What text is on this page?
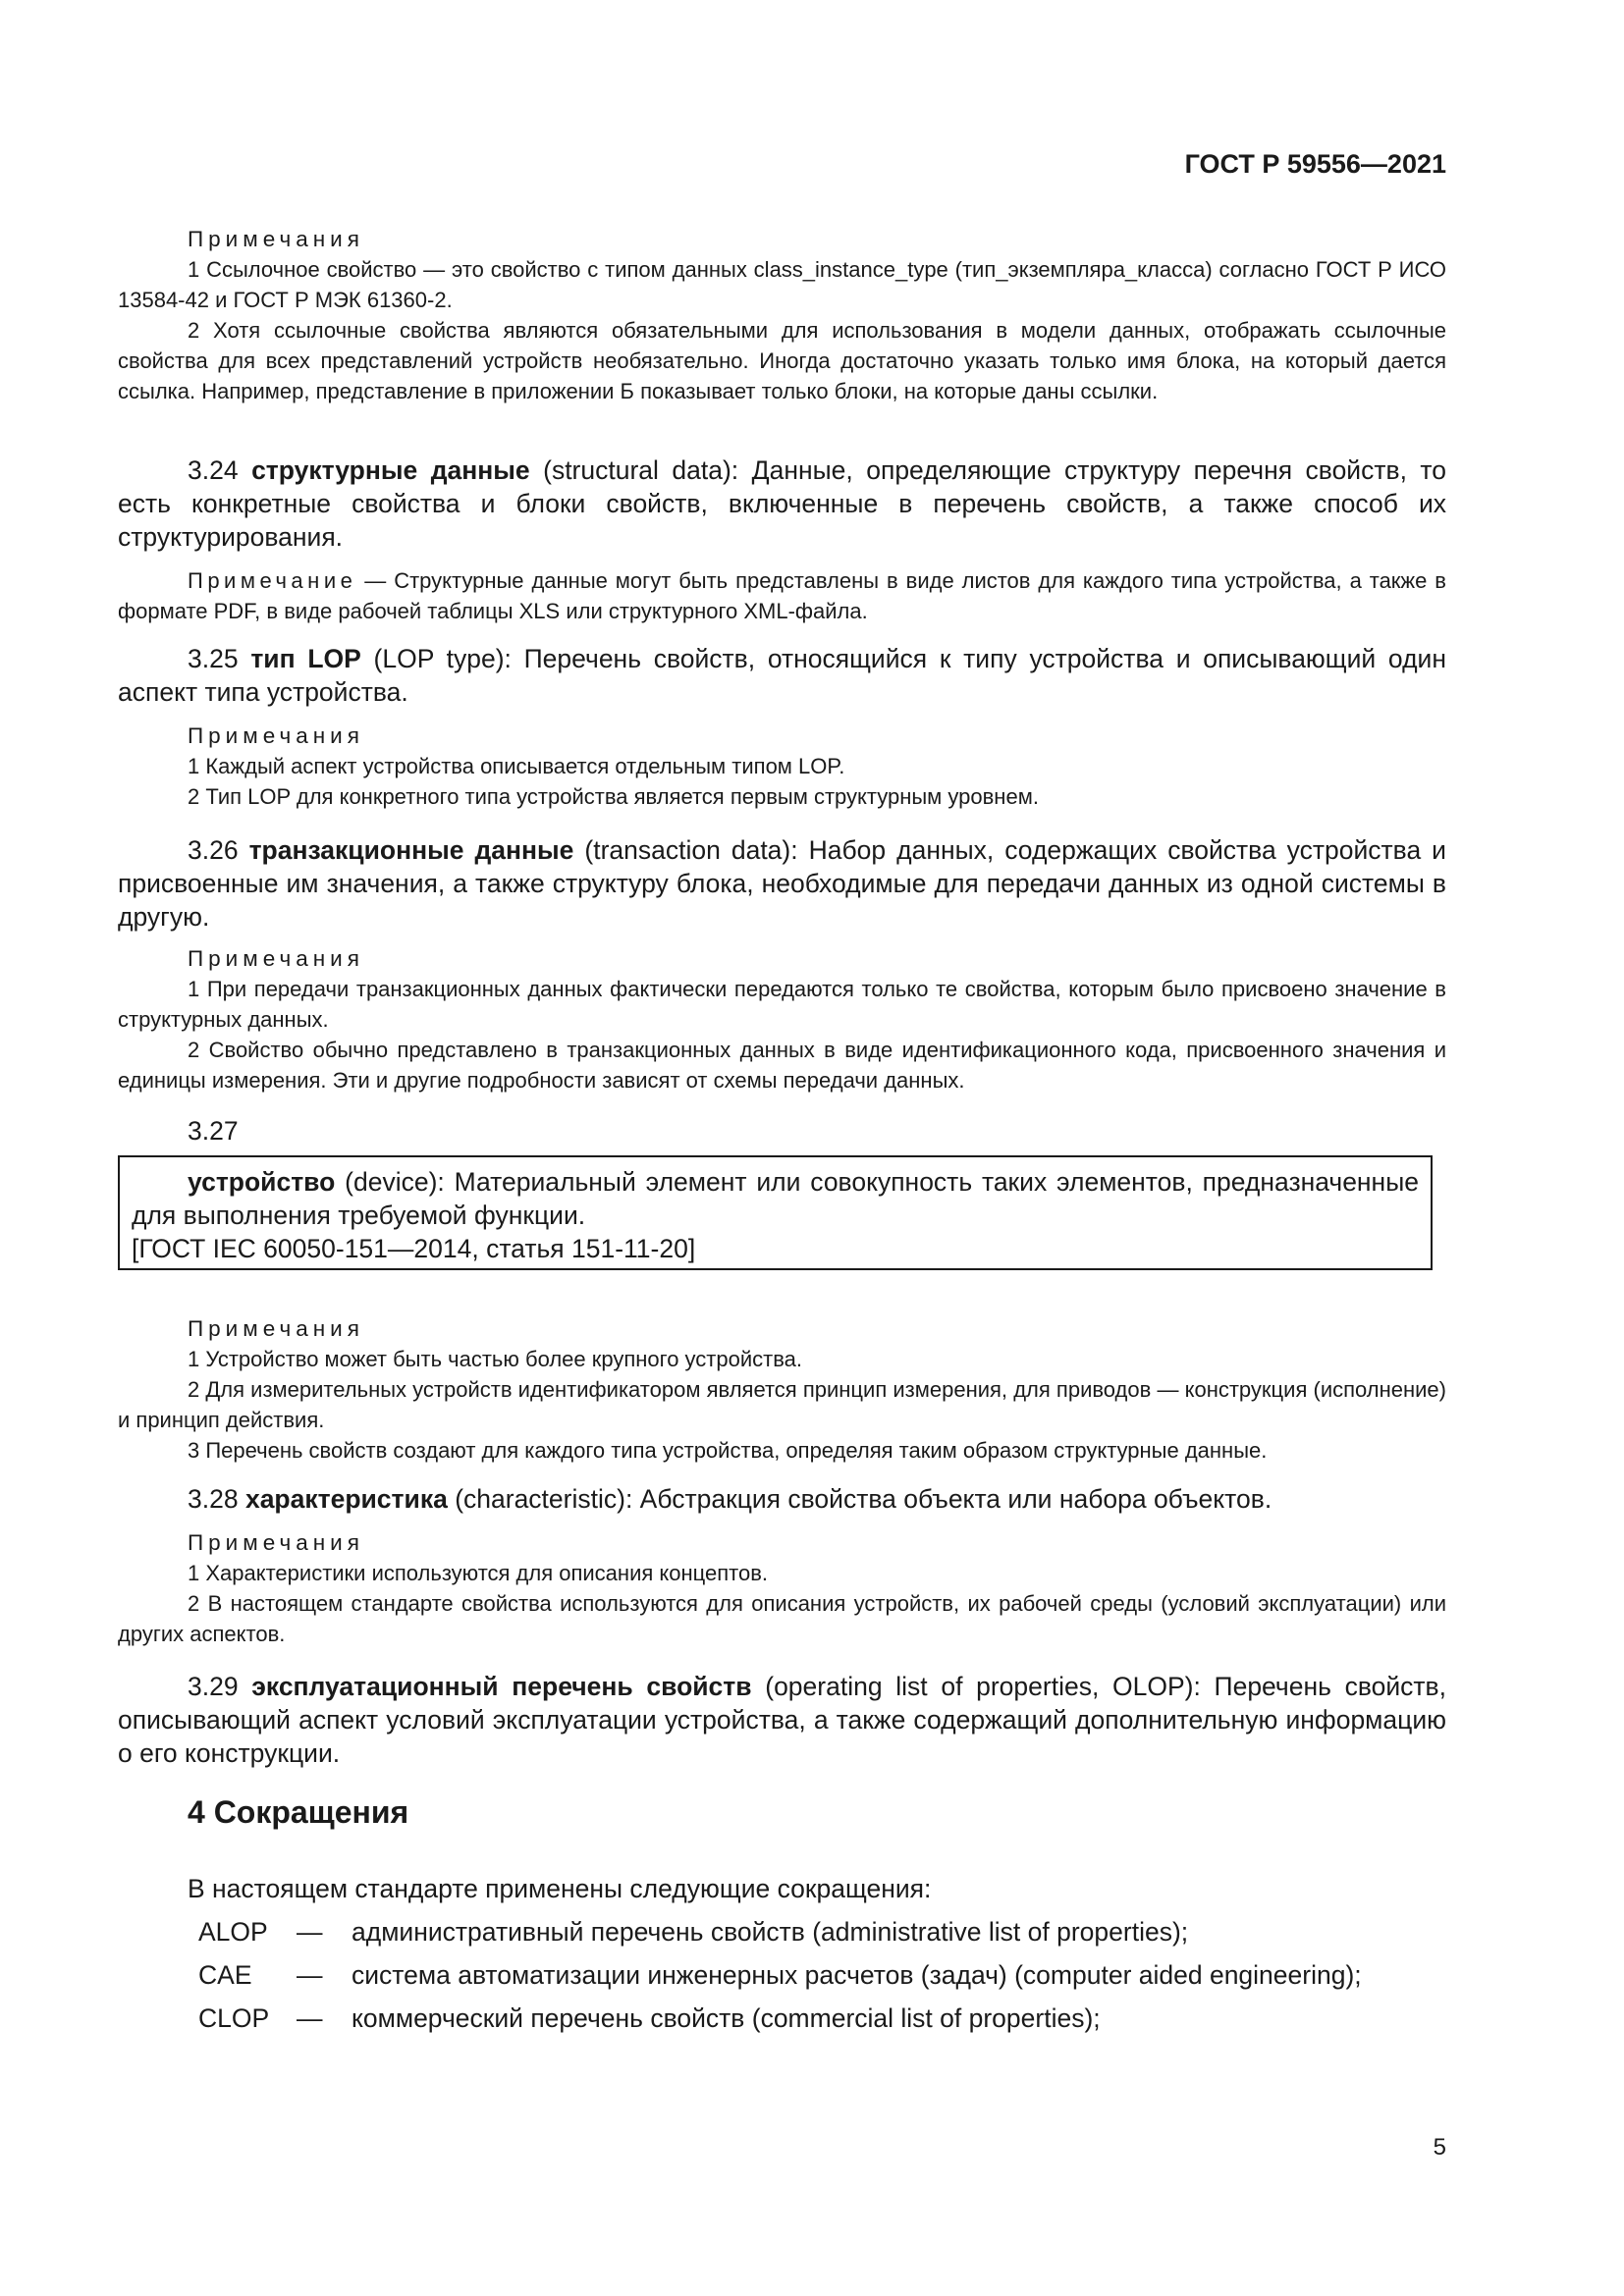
ГОСТ Р 59556—2021
Примечания
1 Ссылочное свойство — это свойство с типом данных class_instance_type (тип_экземпляра_класса) согласно ГОСТ Р ИСО 13584-42 и ГОСТ Р МЭК 61360-2.
2 Хотя ссылочные свойства являются обязательными для использования в модели данных, отображать ссылочные свойства для всех представлений устройств необязательно. Иногда достаточно указать только имя блока, на который дается ссылка. Например, представление в приложении Б показывает только блоки, на которые даны ссылки.
3.24 структурные данные (structural data): Данные, определяющие структуру перечня свойств, то есть конкретные свойства и блоки свойств, включенные в перечень свойств, а также способ их структурирования.
Примечание — Структурные данные могут быть представлены в виде листов для каждого типа устройства, а также в формате PDF, в виде рабочей таблицы XLS или структурного XML-файла.
3.25 тип LOP (LOP type): Перечень свойств, относящийся к типу устройства и описывающий один аспект типа устройства.
Примечания
1 Каждый аспект устройства описывается отдельным типом LOP.
2 Тип LOP для конкретного типа устройства является первым структурным уровнем.
3.26 транзакционные данные (transaction data): Набор данных, содержащих свойства устройства и присвоенные им значения, а также структуру блока, необходимые для передачи данных из одной системы в другую.
Примечания
1 При передачи транзакционных данных фактически передаются только те свойства, которым было присвоено значение в структурных данных.
2 Свойство обычно представлено в транзакционных данных в виде идентификационного кода, присвоенного значения и единицы измерения. Эти и другие подробности зависят от схемы передачи данных.
3.27

устройство (device): Материальный элемент или совокупность таких элементов, предназначенные для выполнения требуемой функции.

[ГОСТ IEC 60050-151—2014, статья 151-11-20]

Примечания
1 Устройство может быть частью более крупного устройства.
2 Для измерительных устройств идентификатором является принцип измерения, для приводов — конструкция (исполнение) и принцип действия.
3 Перечень свойств создают для каждого типа устройства, определяя таким образом структурные данные.
3.28 характеристика (characteristic): Абстракция свойства объекта или набора объектов.
Примечания
1 Характеристики используются для описания концептов.
2 В настоящем стандарте свойства используются для описания устройств, их рабочей среды (условий эксплуатации) или других аспектов.
3.29 эксплуатационный перечень свойств (operating list of properties, OLOP): Перечень свойств, описывающий аспект условий эксплуатации устройства, а также содержащий дополнительную информацию о его конструкции.
4 Сокращения
В настоящем стандарте применены следующие сокращения:
ALOP — административный перечень свойств (administrative list of properties);
CAE — система автоматизации инженерных расчетов (задач) (computer aided engineering);
CLOP — коммерческий перечень свойств (commercial list of properties);
5
